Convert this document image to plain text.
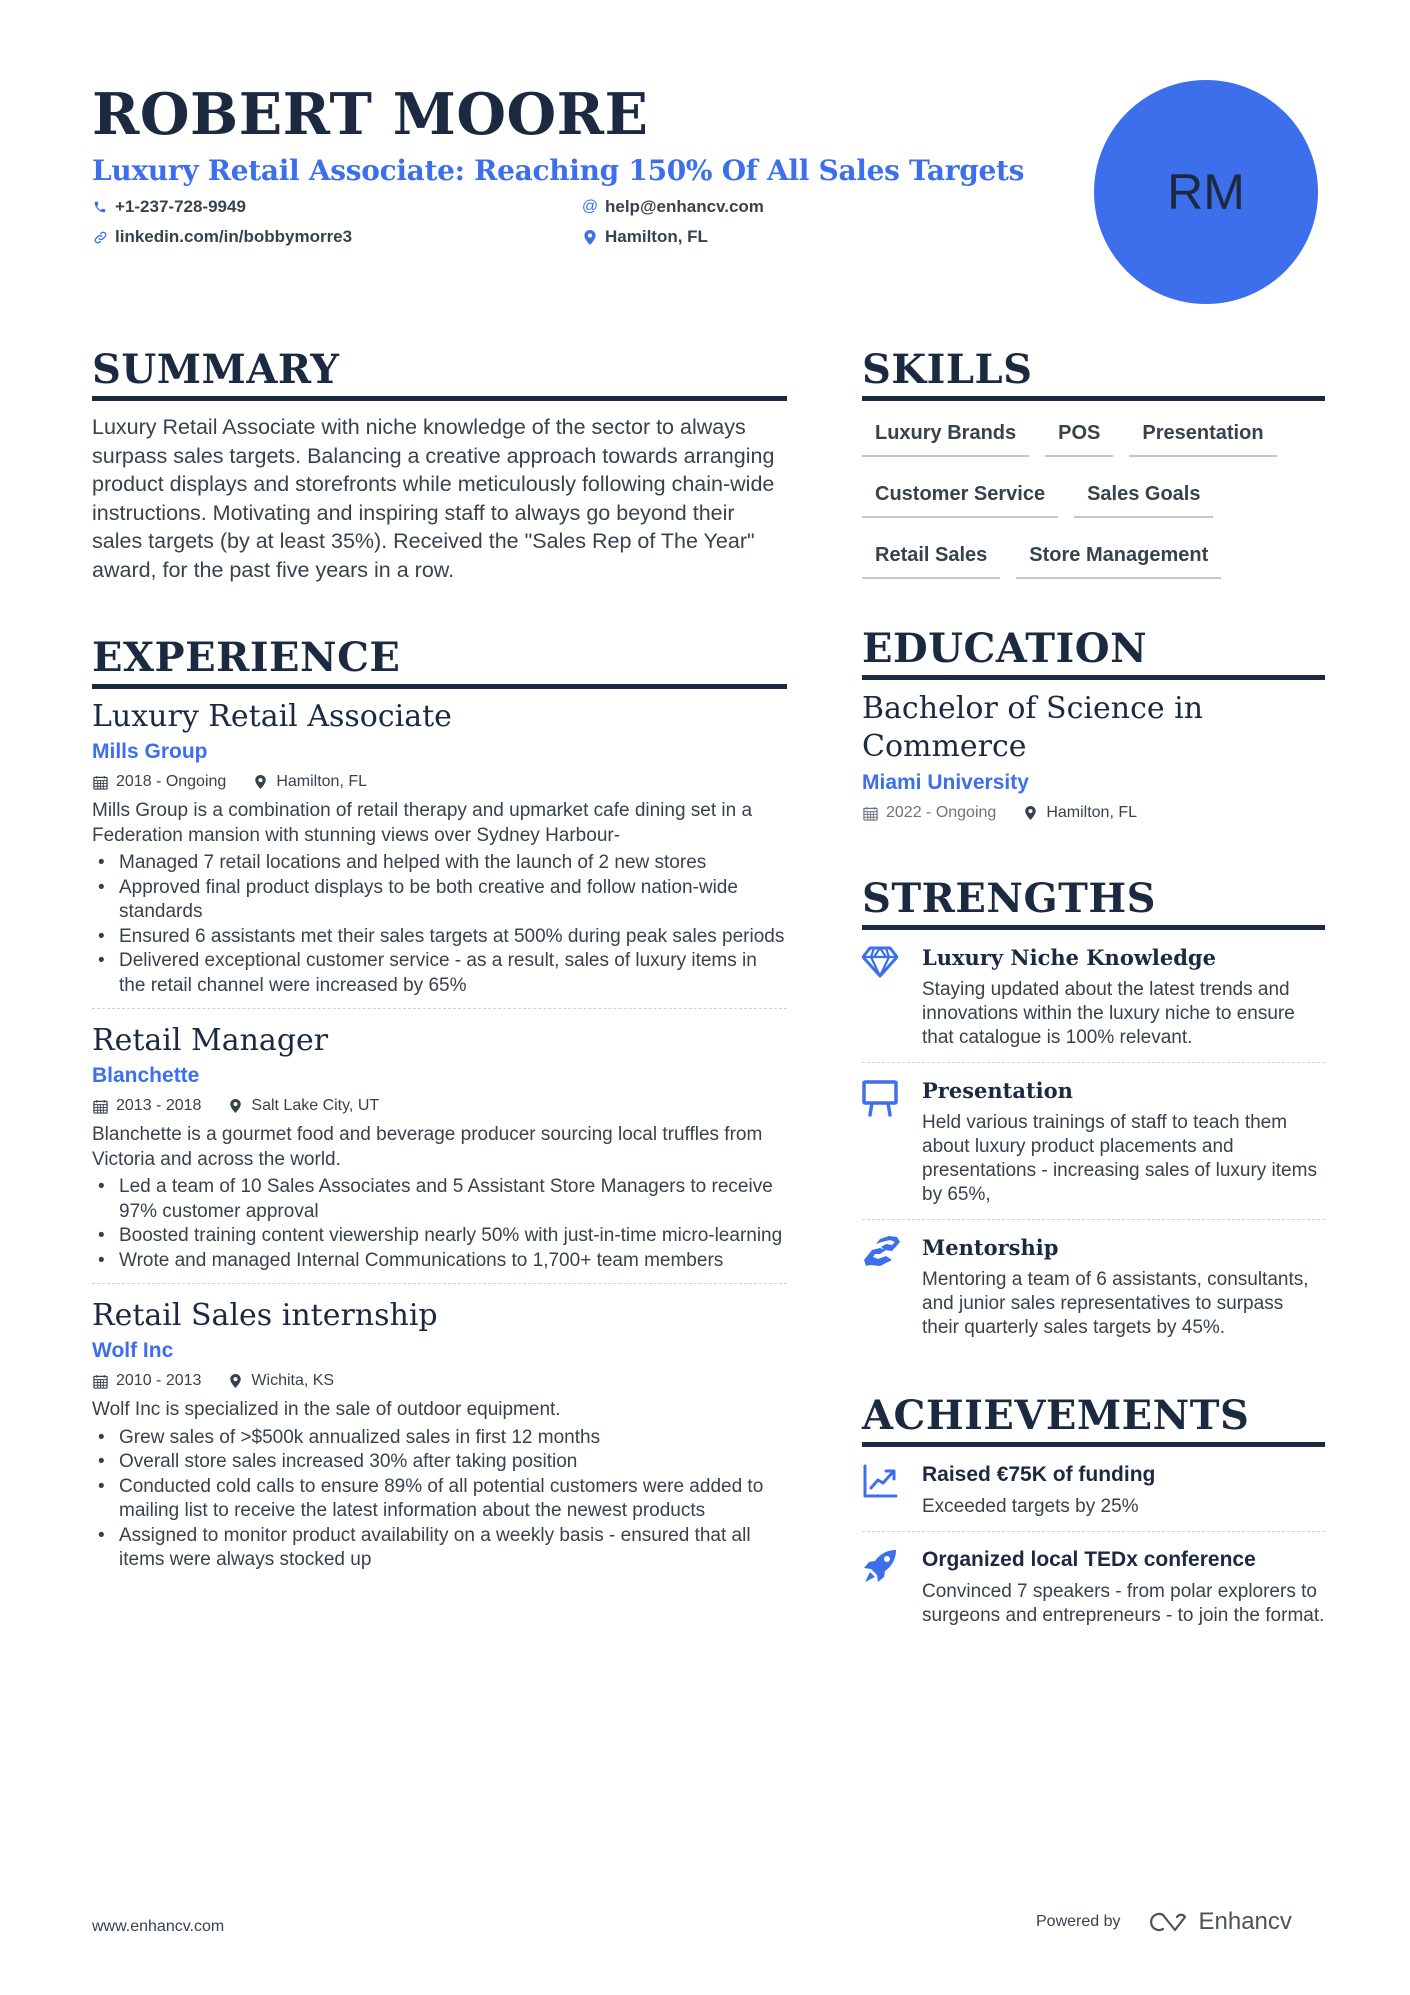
ROBERT MOORE
Luxury Retail Associate: Reaching 150% Of All Sales Targets
+1-237-728-9949	@ help@enhancv.com
linkedin.com/in/bobbymorre3	Hamilton, FL
RM
SUMMARY

Luxury Retail Associate with niche knowledge of the sector to always surpass sales targets. Balancing a creative approach towards arranging product displays and storefronts while meticulously following chain-wide instructions. Motivating and inspiring staff to always go beyond their sales targets (by at least 35%). Received the "Sales Rep of The Year" award, for the past five years in a row.

EXPERIENCE
Luxury Retail Associate
Mills Group
2018 - Ongoing	Hamilton, FL

Mills Group is a combination of retail therapy and upmarket cafe dining set in a Federation mansion with stunning views over Sydney Harbour-

• Managed 7 retail locations and helped with the launch of 2 new stores
• Approved final product displays to be both creative and follow nation-wide standards
• Ensured 6 assistants met their sales targets at 500% during peak sales periods
• Delivered exceptional customer service - as a result, sales of luxury items in the retail channel were increased by 65%
Retail Manager
Blanchette
2013 - 2018	Salt Lake City, UT

Blanchette is a gourmet food and beverage producer sourcing local truffles from Victoria and across the world.

• Led a team of 10 Sales Associates and 5 Assistant Store Managers to receive 97% customer approval
• Boosted training content viewership nearly 50% with just-in-time micro-learning
• Wrote and managed Internal Communications to 1,700+ team members
Retail Sales internship
Wolf Inc
2010 - 2013	Wichita, KS

Wolf Inc is specialized in the sale of outdoor equipment.

• Grew sales of >$500k annualized sales in first 12 months
• Overall store sales increased 30% after taking position
• Conducted cold calls to ensure 89% of all potential customers were added to mailing list to receive the latest information about the newest products
• Assigned to monitor product availability on a weekly basis - ensured that all items were always stocked up
SKILLS
Luxury Brands	POS	Presentation
Customer Service	Sales Goals
Retail Sales	Store Management
EDUCATION
Bachelor of Science in Commerce
Miami University
2022 - Ongoing	Hamilton, FL
STRENGTHS
Luxury Niche Knowledge
Staying updated about the latest trends and innovations within the luxury niche to ensure that catalogue is 100% relevant.
Presentation
Held various trainings of staff to teach them about luxury product placements and presentations - increasing sales of luxury items by 65%,
Mentorship
Mentoring a team of 6 assistants, consultants, and junior sales representatives to surpass their quarterly sales targets by 45%.
ACHIEVEMENTS
Raised €75K of funding
Exceeded targets by 25%
Organized local TEDx conference
Convinced 7 speakers - from polar explorers to surgeons and entrepreneurs - to join the format.
www.enhancv.com	Powered by	Enhancv
